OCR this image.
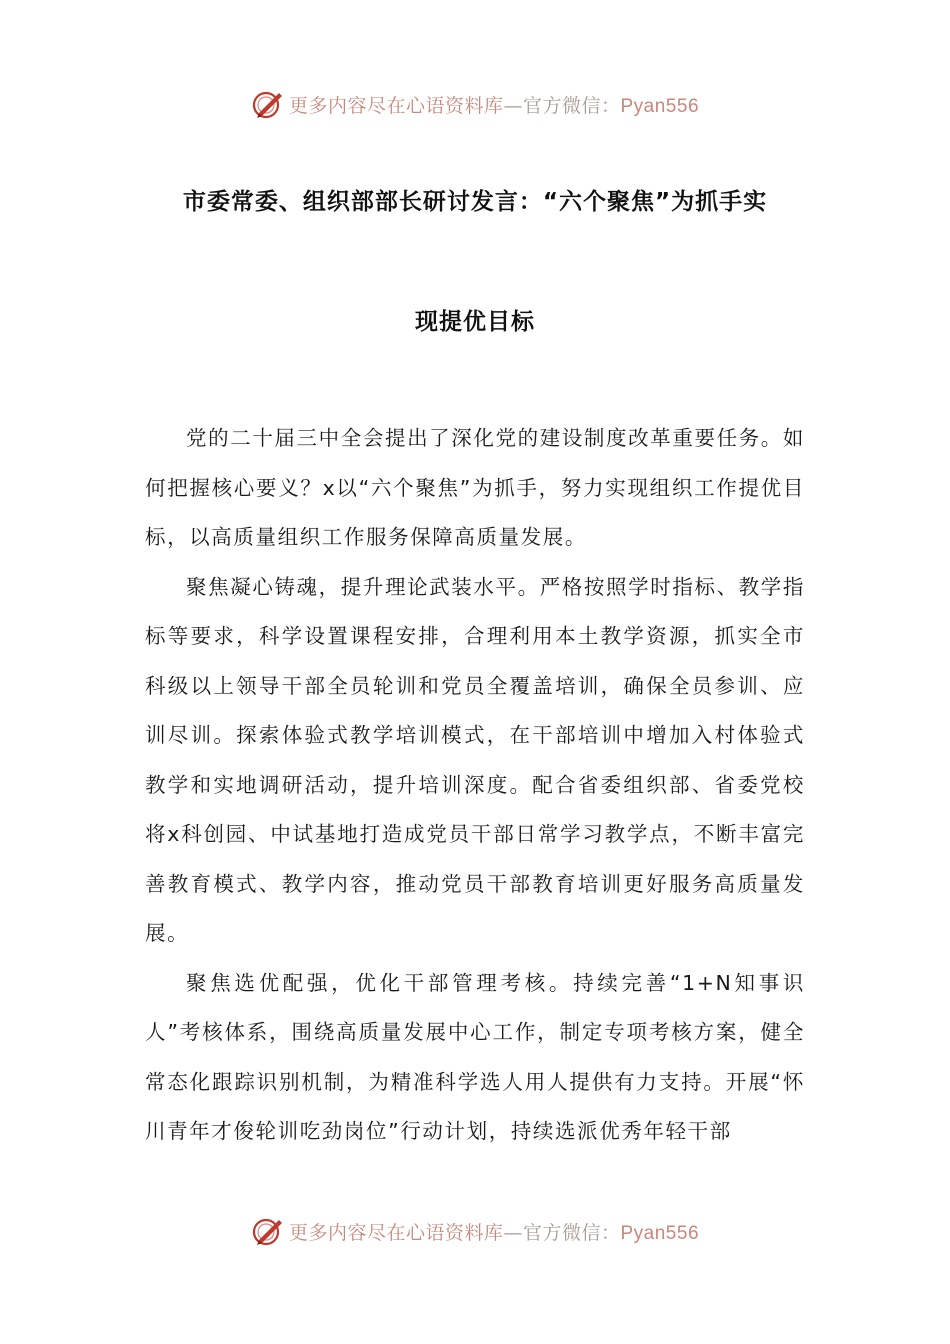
更多内容尽在心语资料库—官方微信：Pyan556
市委常委、组织部部长研讨发言：“六个聚焦”为抓手实
现提优目标

党的二十届三中全会提出了深化党的建设制度改革重要任务。如何把握核心要义？x以“六个聚焦”为抓手，努力实现组织工作提优目标，以高质量组织工作服务保障高质量发展。

聚焦凝心铸魂，提升理论武装水平。严格按照学时指标、教学指标等要求，科学设置课程安排，合理利用本土教学资源，抓实全市科级以上领导干部全员轮训和党员全覆盖培训，确保全员参训、应训尽训。探索体验式教学培训模式，在干部培训中增加入村体验式教学和实地调研活动，提升培训深度。配合省委组织部、省委党校将x科创园、中试基地打造成党员干部日常学习教学点，不断丰富完善教育模式、教学内容，推动党员干部教育培训更好服务高质量发展。

聚焦选优配强，优化干部管理考核。持续完善“1+N知事识人”考核体系，围绕高质量发展中心工作，制定专项考核方案，健全常态化跟踪识别机制，为精准科学选人用人提供有力支持。开展“怀川青年才俊轮训吃劲岗位”行动计划，持续选派优秀年轻干部

更多内容尽在心语资料库—官方微信：Pyan556
